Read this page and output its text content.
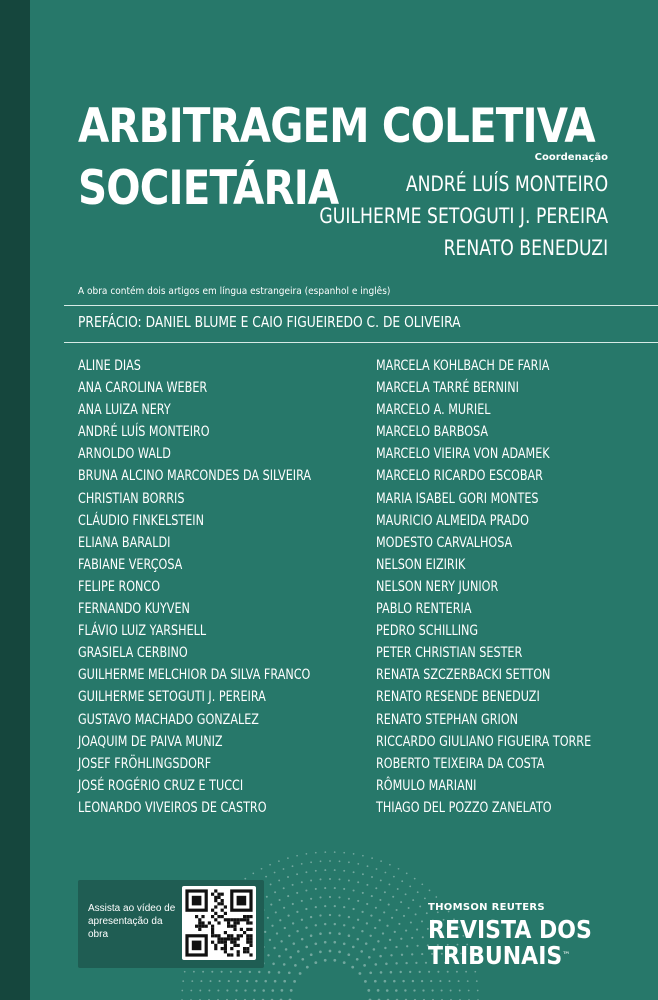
ARBITRAGEM COLETIVA
SOCIETÁRIA
Coordenação
ANDRÉ LUÍS MONTEIRO
GUILHERME SETOGUTI J. PEREIRA
RENATO BENEDUZI
A obra contém dois artigos em língua estrangeira (espanhol e inglês)
PREFÁCIO: DANIEL BLUME E CAIO FIGUEIREDO C. DE OLIVEIRA
ALINE DIAS
ANA CAROLINA WEBER
ANA LUIZA NERY
ANDRÉ LUÍS MONTEIRO
ARNOLDO WALD
BRUNA ALCINO MARCONDES DA SILVEIRA
CHRISTIAN BORRIS
CLÁUDIO FINKELSTEIN
ELIANA BARALDI
FABIANE VERÇOSA
FELIPE RONCO
FERNANDO KUYVEN
FLÁVIO LUIZ YARSHELL
GRASIELA CERBINO
GUILHERME MELCHIOR DA SILVA FRANCO
GUILHERME SETOGUTI J. PEREIRA
GUSTAVO MACHADO GONZALEZ
JOAQUIM DE PAIVA MUNIZ
JOSEF FRÖHLINGSDORF
JOSÉ ROGÉRIO CRUZ E TUCCI
LEONARDO VIVEIROS DE CASTRO
MARCELA KOHLBACH DE FARIA
MARCELA TARRÉ BERNINI
MARCELO A. MURIEL
MARCELO BARBOSA
MARCELO VIEIRA VON ADAMEK
MARCELO RICARDO ESCOBAR
MARIA ISABEL GORI MONTES
MAURICIO ALMEIDA PRADO
MODESTO CARVALHOSA
NELSON EIZIRIK
NELSON NERY JUNIOR
PABLO RENTERIA
PEDRO SCHILLING
PETER CHRISTIAN SESTER
RENATA SZCZERBACKI SETTON
RENATO RESENDE BENEDUZI
RENATO STEPHAN GRION
RICCARDO GIULIANO FIGUEIRA TORRE
ROBERTO TEIXEIRA DA COSTA
RÔMULO MARIANI
THIAGO DEL POZZO ZANELATO
Assista ao vídeo de apresentação da obra
THOMSON REUTERS
REVISTA DOS
TRIBUNAIS™
